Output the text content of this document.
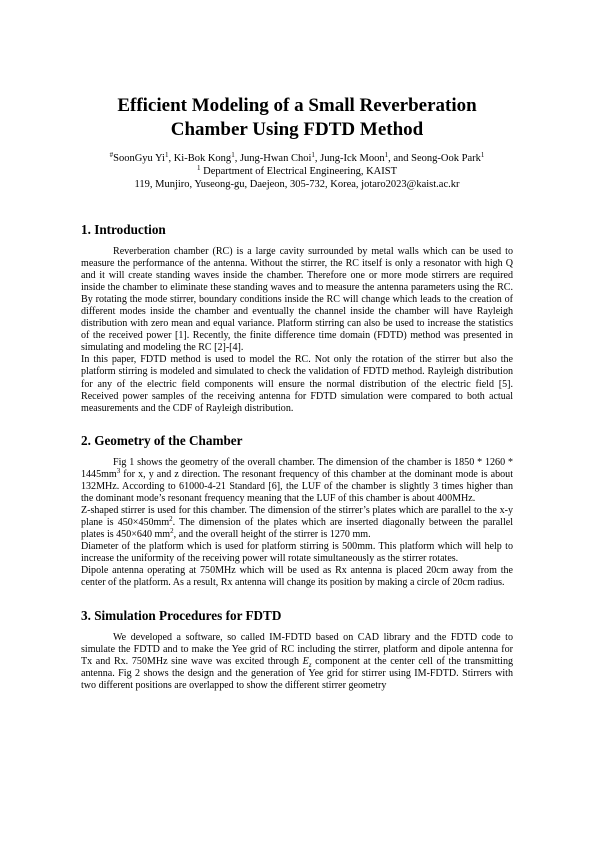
Efficient Modeling of a Small Reverberation
Chamber Using FDTD Method

#SoonGyu Yi$^1$, Ki-Bok Kong$^1$, Jung-Hwan Choi$^1$, Jung-Ick Moon$^1$, and Seong-Ook Park$^1$

$^1$ Department of Electrical Engineering, KAIST

119, Munjiro, Yuseong-gu, Daejeon, 305-732, Korea, jotaro2023@kaist.ac.kr

1. Introduction

Reverberation chamber (RC) is a large cavity surrounded by metal walls which can be used to measure the performance of the antenna. Without the stirrer, the RC itself is only a resonator with high Q and it will create standing waves inside the chamber. Therefore one or more mode stirrers are required inside the chamber to eliminate these standing waves and to measure the antenna parameters using the RC. By rotating the mode stirrer, boundary conditions inside the RC will change which leads to the creation of different modes inside the chamber and eventually the channel inside the chamber will have Rayleigh distribution with zero mean and equal variance. Platform stirring can also be used to increase the statistics of the received power [1]. Recently, the finite difference time domain (FDTD) method was presented in simulating and modeling the RC [2]-[4].

In this paper, FDTD method is used to model the RC. Not only the rotation of the stirrer but also the platform stirring is modeled and simulated to check the validation of FDTD method. Rayleigh distribution for any of the electric field components will ensure the normal distribution of the electric field [5]. Received power samples of the receiving antenna for FDTD simulation were compared to both actual measurements and the CDF of Rayleigh distribution.

2. Geometry of the Chamber

Fig 1 shows the geometry of the overall chamber. The dimension of the chamber is $1850 * 1260 * 1445mm^3$ for x, y and z direction. The resonant frequency of this chamber at the dominant mode is about 132MHz. According to 61000-4-21 Standard [6], the LUF of the chamber is slightly 3 times higher than the dominant mode’s resonant frequency meaning that the LUF of this chamber is about 400MHz.

Z-shaped stirrer is used for this chamber. The dimension of the stirrer’s plates which are parallel to the x-y plane is $450\times 450mm^2$. The dimension of the plates which are inserted diagonally between the parallel plates is 450×640 $mm^2$, and the overall height of the stirrer is 1270 mm.

Diameter of the platform which is used for platform stirring is 500mm. This platform which will help to increase the uniformity of the receiving power will rotate simultaneously as the stirrer rotates.

Dipole antenna operating at 750MHz which will be used as Rx antenna is placed 20cm away from the center of the platform. As a result, Rx antenna will change its position by making a circle of 20cm radius.

3. Simulation Procedures for FDTD

We developed a software, so called IM-FDTD based on CAD library and the FDTD code to simulate the FDTD and to make the Yee grid of RC including the stirrer, platform and dipole antenna for Tx and Rx. 750MHz sine wave was excited through $E_z$ component at the center cell of the transmitting antenna. Fig 2 shows the design and the generation of Yee grid for stirrer using IM-FDTD. Stirrers with two different positions are overlapped to show the different stirrer geometry
